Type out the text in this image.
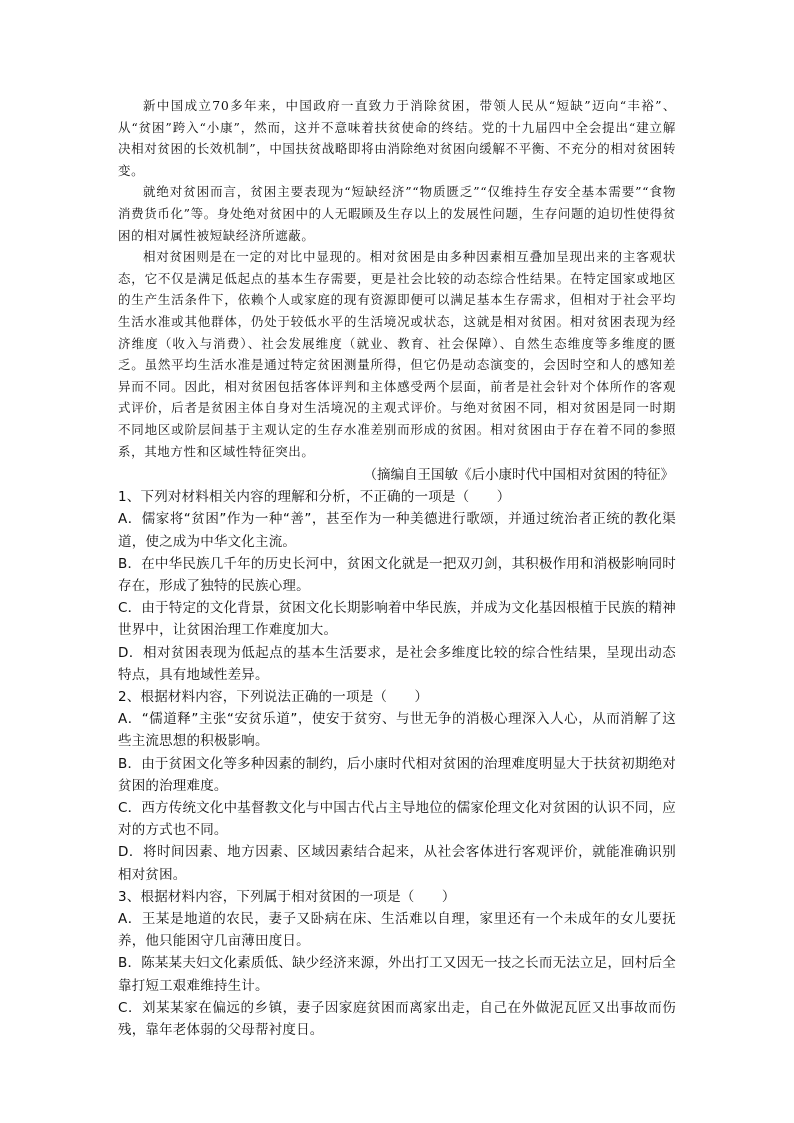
新中国成立70多年来，中国政府一直致力于消除贫困，带领人民从“短缺”迈向“丰裕”、从“贫困”跨入“小康”，然而，这并不意味着扶贫使命的终结。党的十九届四中全会提出“建立解决相对贫困的长效机制”，中国扶贫战略即将由消除绝对贫困向缓解不平衡、不充分的相对贫困转变。

就绝对贫困而言，贫困主要表现为“短缺经济”“物质匮乏”“仅维持生存安全基本需要”“食物消费货币化”等。身处绝对贫困中的人无暇顾及生存以上的发展性问题，生存问题的迫切性使得贫困的相对属性被短缺经济所遮蔽。

相对贫困则是在一定的对比中显现的。相对贫困是由多种因素相互叠加呈现出来的主客观状态，它不仅是满足低起点的基本生存需要，更是社会比较的动态综合性结果。在特定国家或地区的生产生活条件下，依赖个人或家庭的现有资源即便可以满足基本生存需求，但相对于社会平均生活水准或其他群体，仍处于较低水平的生活境况或状态，这就是相对贫困。相对贫困表现为经济维度（收入与消费）、社会发展维度（就业、教育、社会保障）、自然生态维度等多维度的匮乏。虽然平均生活水准是通过特定贫困测量所得，但它仍是动态演变的，会因时空和人的感知差异而不同。因此，相对贫困包括客体评判和主体感受两个层面，前者是社会针对个体所作的客观式评价，后者是贫困主体自身对生活境况的主观式评价。与绝对贫困不同，相对贫困是同一时期不同地区或阶层间基于主观认定的生存水准差别而形成的贫困。相对贫困由于存在着不同的参照系，其地方性和区域性特征突出。

（摘编自王国敏《后小康时代中国相对贫困的特征》

1、下列对材料相关内容的理解和分析，不正确的一项是（　　）

A．儒家将“贫困”作为一种“善”，甚至作为一种美德进行歌颂，并通过统治者正统的教化渠道，使之成为中华文化主流。

B．在中华民族几千年的历史长河中，贫困文化就是一把双刃剑，其积极作用和消极影响同时存在，形成了独特的民族心理。

C．由于特定的文化背景，贫困文化长期影响着中华民族，并成为文化基因根植于民族的精神世界中，让贫困治理工作难度加大。

D．相对贫困表现为低起点的基本生活要求，是社会多维度比较的综合性结果，呈现出动态特点，具有地域性差异。

2、根据材料内容，下列说法正确的一项是（　　）

A．“儒道释”主张“安贫乐道”，使安于贫穷、与世无争的消极心理深入人心，从而消解了这些主流思想的积极影响。

B．由于贫困文化等多种因素的制约，后小康时代相对贫困的治理难度明显大于扶贫初期绝对贫困的治理难度。

C．西方传统文化中基督教文化与中国古代占主导地位的儒家伦理文化对贫困的认识不同，应对的方式也不同。

D．将时间因素、地方因素、区域因素结合起来，从社会客体进行客观评价，就能准确识别相对贫困。

3、根据材料内容，下列属于相对贫困的一项是（　　）

A．王某是地道的农民，妻子又卧病在床、生活难以自理，家里还有一个未成年的女儿要抚养，他只能困守几亩薄田度日。

B．陈某某夫妇文化素质低、缺少经济来源，外出打工又因无一技之长而无法立足，回村后全靠打短工艰难维持生计。

C．刘某某家在偏远的乡镇，妻子因家庭贫困而离家出走，自己在外做泥瓦匠又出事故而伤残，靠年老体弱的父母帮衬度日。
